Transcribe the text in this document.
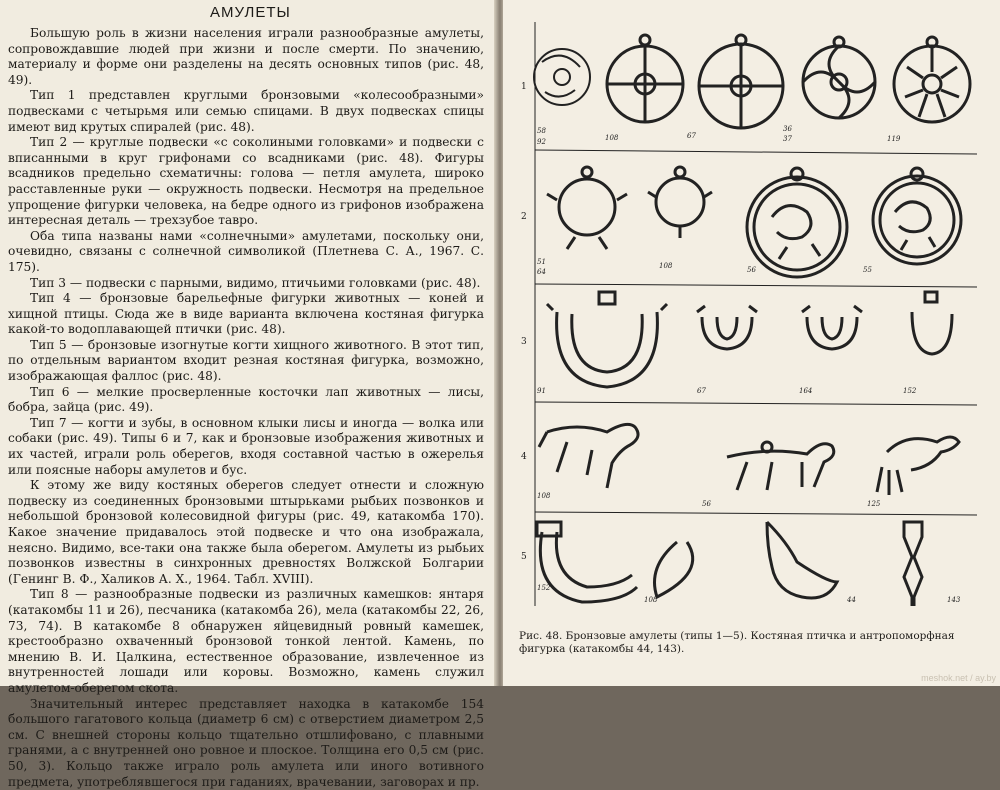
АМУЛЕТЫ

Большую роль в жизни населения играли разнообразные амулеты, сопровождавшие людей при жизни и после смерти. По значению, материалу и форме они разделены на десять основных типов (рис. 48, 49).

Тип 1 представлен круглыми бронзовыми «колесообразными» подвесками с четырьмя или семью спицами. В двух подвесках спицы имеют вид крутых спиралей (рис. 48).

Тип 2 — круглые подвески «с соколиными головками» и подвески с вписанными в круг грифонами со всадниками (рис. 48). Фигуры всадников предельно схематичны: голова — петля амулета, широко расставленные руки — окружность подвески. Несмотря на предельное упрощение фигурки человека, на бедре одного из грифонов изображена интересная деталь — трехзубое тавро.

Оба типа названы нами «солнечными» амулетами, поскольку они, очевидно, связаны с солнечной символикой (Плетнева С. А., 1967. С. 175).

Тип 3 — подвески с парными, видимо, птичьими головками (рис. 48).

Тип 4 — бронзовые барельефные фигурки животных — коней и хищной птицы. Сюда же в виде варианта включена костяная фигурка какой-то водоплавающей птички (рис. 48).

Тип 5 — бронзовые изогнутые когти хищного животного. В этот тип, по отдельным вариантом входит резная костяная фигурка, возможно, изображающая фаллос (рис. 48).

Тип 6 — мелкие просверленные косточки лап животных — лисы, бобра, зайца (рис. 49).

Тип 7 — когти и зубы, в основном клыки лисы и иногда — волка или собаки (рис. 49). Типы 6 и 7, как и бронзовые изображения животных и их частей, играли роль оберегов, входя составной частью в ожерелья или поясные наборы амулетов и бус.

К этому же виду костяных оберегов следует отнести и сложную подвеску из соединенных бронзовыми штырьками рыбьих позвонков и небольшой бронзовой колесовидной фигуры (рис. 49, катакомба 170). Какое значение придавалось этой подвеске и что она изображала, неясно. Видимо, все-таки она также была оберегом. Амулеты из рыбьих позвонков известны в синхронных древностях Волжской Болгарии (Генинг В. Ф., Халиков А. Х., 1964. Табл. XVIII).

Тип 8 — разнообразные подвески из различных камешков: янтаря (катакомбы 11 и 26), песчаника (катакомба 26), мела (катакомбы 22, 26, 73, 74). В катакомбе 8 обнаружен яйцевидный ровный камешек, крестообразно охваченный бронзовой тонкой лентой. Камень, по мнению В. И. Цалкина, естественное образование, извлеченное из внутренностей лошади или коровы. Возможно, камень служил амулетом-оберегом скота.

Значительный интерес представляет находка в катакомбе 154 большого гагатового кольца (диаметр 6 см) с отверстием диаметром 2,5 см. С внешней стороны кольцо тщательно отшлифовано, с плавными гранями, а с внутренней оно ровное и плоское. Толщина его 0,5 см (рис. 50, 3). Кольцо также играло роль амулета или иного вотивного предмета, употреблявшегося при гаданиях, врачевании, заговорах и пр.

1
2
3
4
5
58
92	108	67
36
37	119
51
64
108	56	55
91	67	164	152
108
56	125
152
108	44	143
Рис. 48. Бронзовые амулеты (типы 1—5). Костяная птичка и антропоморфная фигурка (катакомбы 44, 143).
meshok.net / ay.by
